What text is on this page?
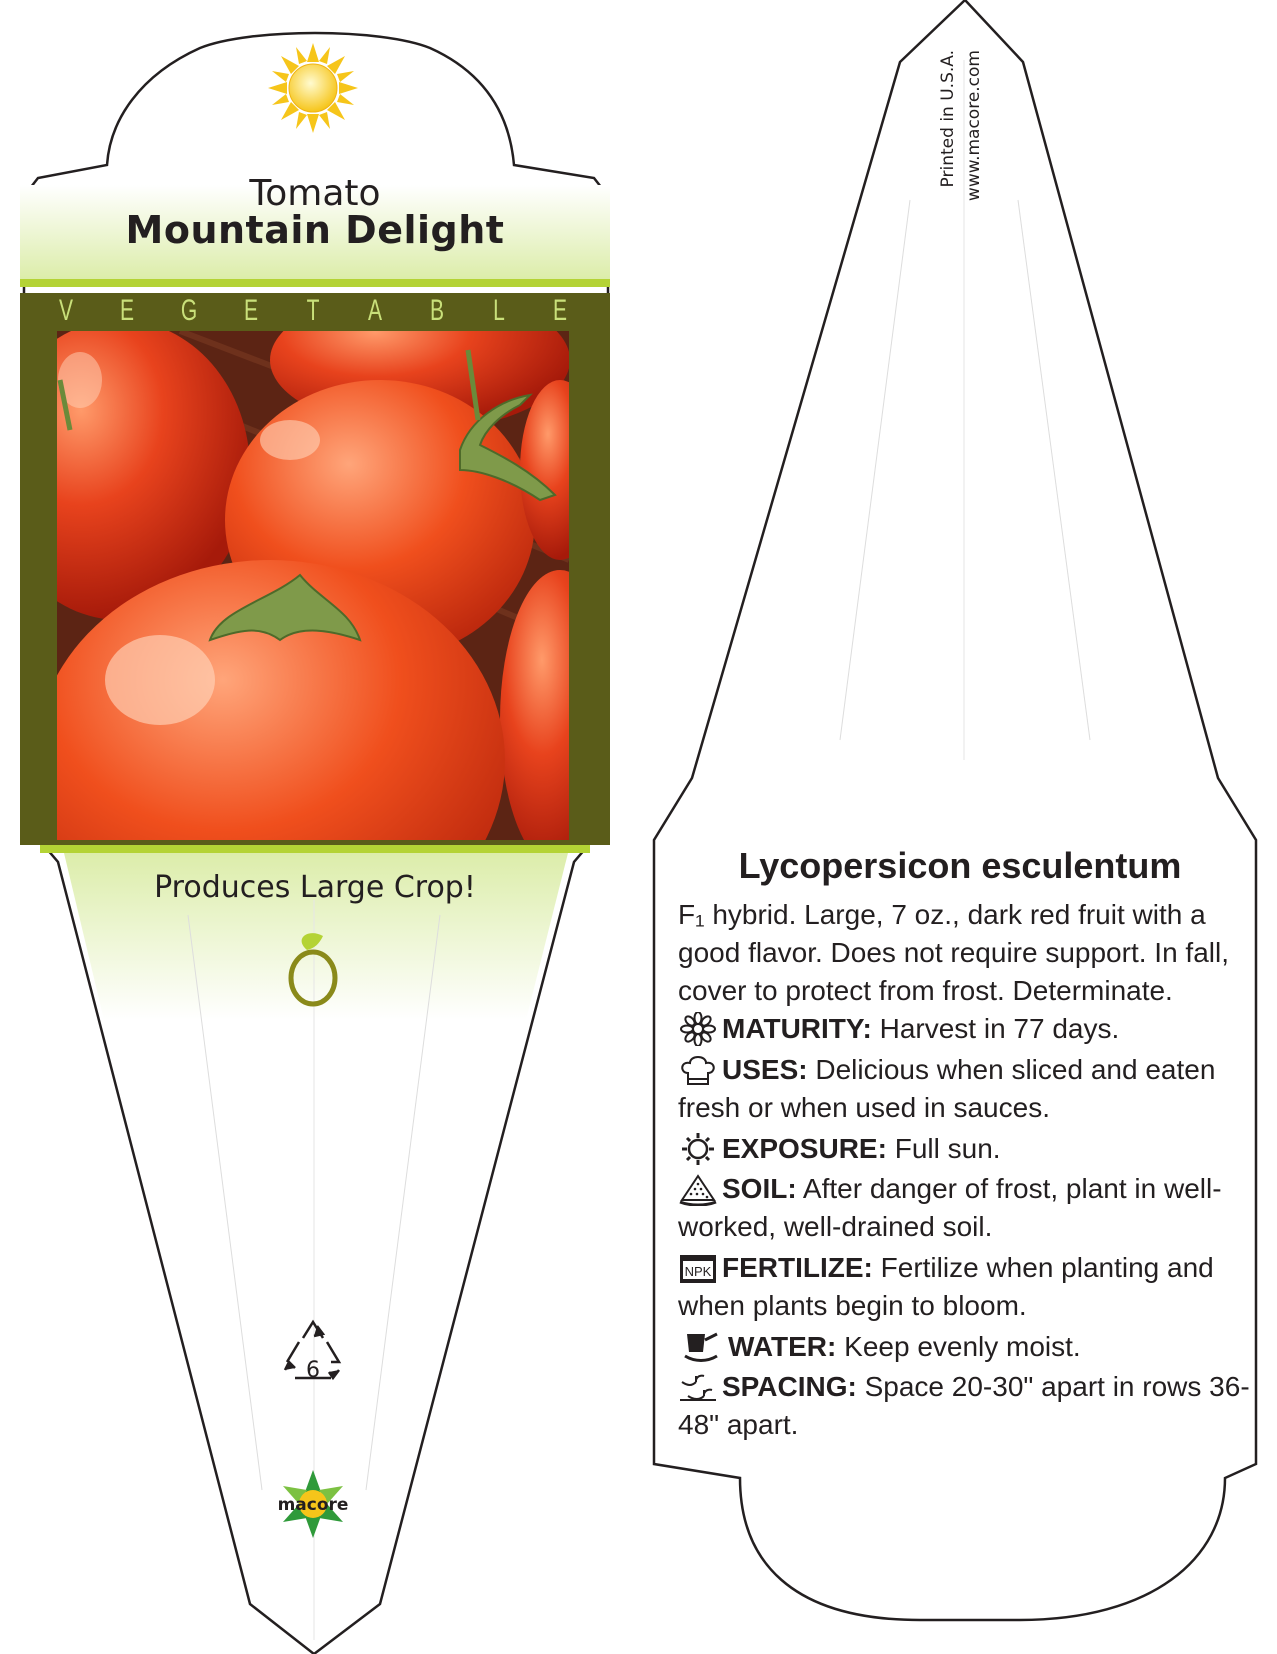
6
macore
Tomato
Mountain Delight
V E G E T A B L E
Produces Large Crop!
Printed in U.S.A. www.macore.com
Lycopersicon esculentum
F₁ hybrid. Large, 7 oz., dark red fruit with a good flavor. Does not require support. In fall, cover to protect from frost. Determinate.
MATURITY: Harvest in 77 days.
USES: Delicious when sliced and eaten fresh or when used in sauces.
EXPOSURE: Full sun.
SOIL: After danger of frost, plant in well-worked, well-drained soil.
NPK FERTILIZE: Fertilize when planting and when plants begin to bloom.
WATER: Keep evenly moist.
SPACING: Space 20-30" apart in rows 36-48" apart.
